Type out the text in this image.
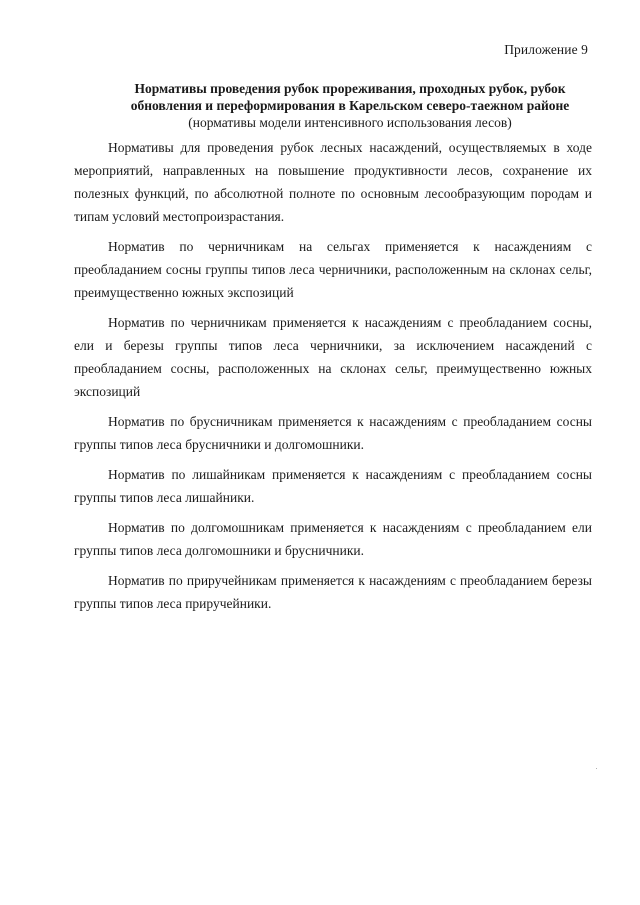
Приложение 9
Нормативы проведения рубок прореживания, проходных рубок, рубок
обновления и переформирования в Карельском северо-таежном районе
(нормативы модели интенсивного использования лесов)

Нормативы для проведения рубок лесных насаждений, осуществляемых в ходе мероприятий, направленных на повышение продуктивности лесов, сохранение их полезных функций, по абсолютной полноте по основным лесообразующим породам и типам условий местопроизрастания.

Норматив по черничникам на сельгах применяется к насаждениям с преобладанием сосны группы типов леса черничники, расположенным на склонах сельг, преимущественно южных экспозиций

Норматив по черничникам применяется к насаждениям с преобладанием сосны, ели и березы группы типов леса черничники, за исключением насаждений с преобладанием сосны, расположенных на склонах сельг, преимущественно южных экспозиций

Норматив по брусничникам применяется к насаждениям с преобладанием сосны группы типов леса брусничники и долгомошники.

Норматив по лишайникам применяется к насаждениям с преобладанием сосны группы типов леса лишайники.

Норматив по долгомошникам применяется к насаждениям с преобладанием ели группы типов леса долгомошники и брусничники.

Норматив по приручейникам применяется к насаждениям с преобладанием березы группы типов леса приручейники.
